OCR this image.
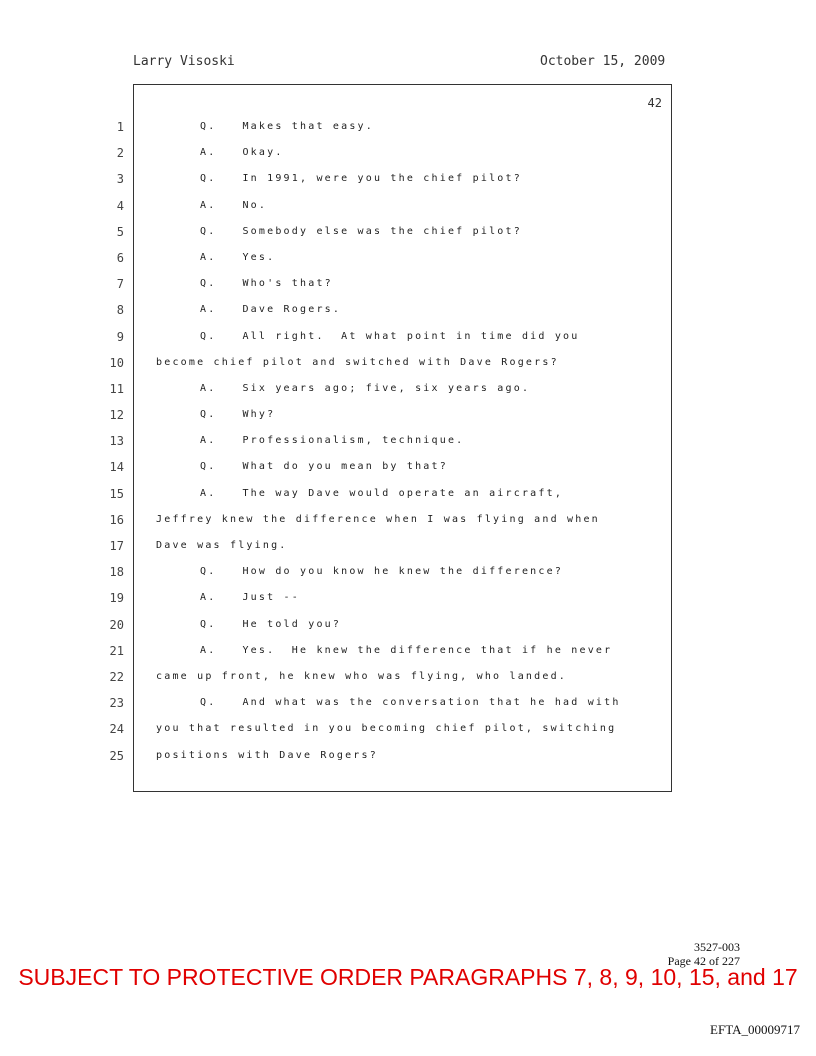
Larry Visoski	October 15, 2009
42
1	Q.	Makes that easy.
2	A.	Okay.
3	Q.	In 1991, were you the chief pilot?
4	A.	No.
5	Q.	Somebody else was the chief pilot?
6	A.	Yes.
7	Q.	Who's that?
8	A.	Dave Rogers.
9	Q.	All right.  At what point in time did you
10	become chief pilot and switched with Dave Rogers?
11	A.	Six years ago; five, six years ago.
12	Q.	Why?
13	A.	Professionalism, technique.
14	Q.	What do you mean by that?
15	A.	The way Dave would operate an aircraft,
16	Jeffrey knew the difference when I was flying and when
17	Dave was flying.
18	Q.	How do you know he knew the difference?
19	A.	Just --
20	Q.	He told you?
21	A.	Yes.  He knew the difference that if he never
22	came up front, he knew who was flying, who landed.
23	Q.	And what was the conversation that he had with
24	you that resulted in you becoming chief pilot, switching
25	positions with Dave Rogers?
3527-003
Page 42 of 227
SUBJECT TO PROTECTIVE ORDER PARAGRAPHS 7, 8, 9, 10, 15, and 17
EFTA_00009717
